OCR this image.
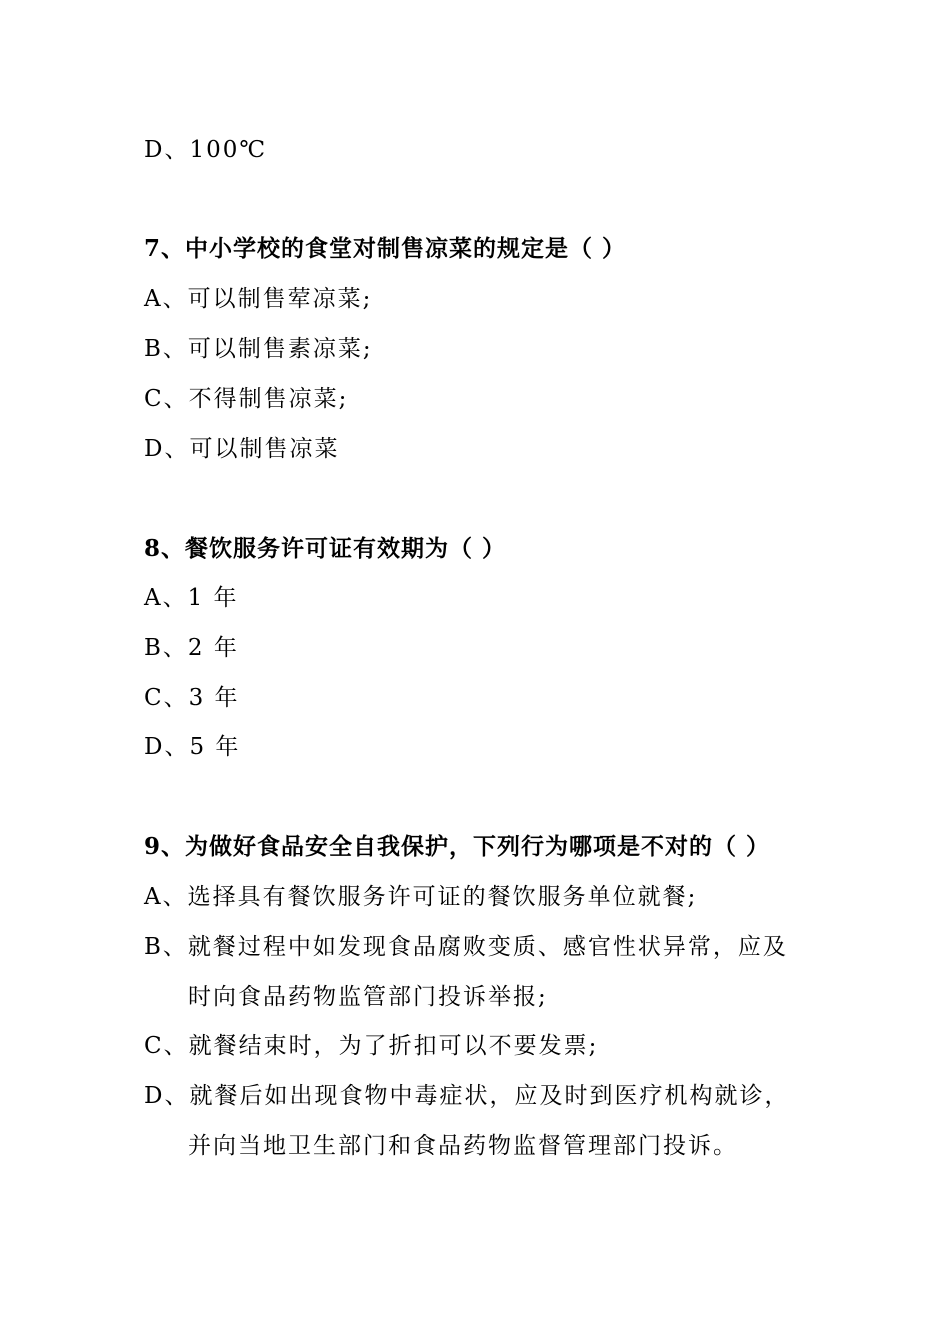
D、100℃
7、中小学校的食堂对制售凉菜的规定是（ ）
A、可以制售荤凉菜;
B、可以制售素凉菜;
C、不得制售凉菜;
D、可以制售凉菜
8、餐饮服务许可证有效期为（ ）
A、1 年
B、2 年
C、3 年
D、5 年
9、为做好食品安全自我保护，下列行为哪项是不对的（ ）
A、选择具有餐饮服务许可证的餐饮服务单位就餐;
B、就餐过程中如发现食品腐败变质、感官性状异常，应及
时向食品药物监管部门投诉举报;
C、就餐结束时，为了折扣可以不要发票;
D、就餐后如出现食物中毒症状，应及时到医疗机构就诊，
并向当地卫生部门和食品药物监督管理部门投诉。
